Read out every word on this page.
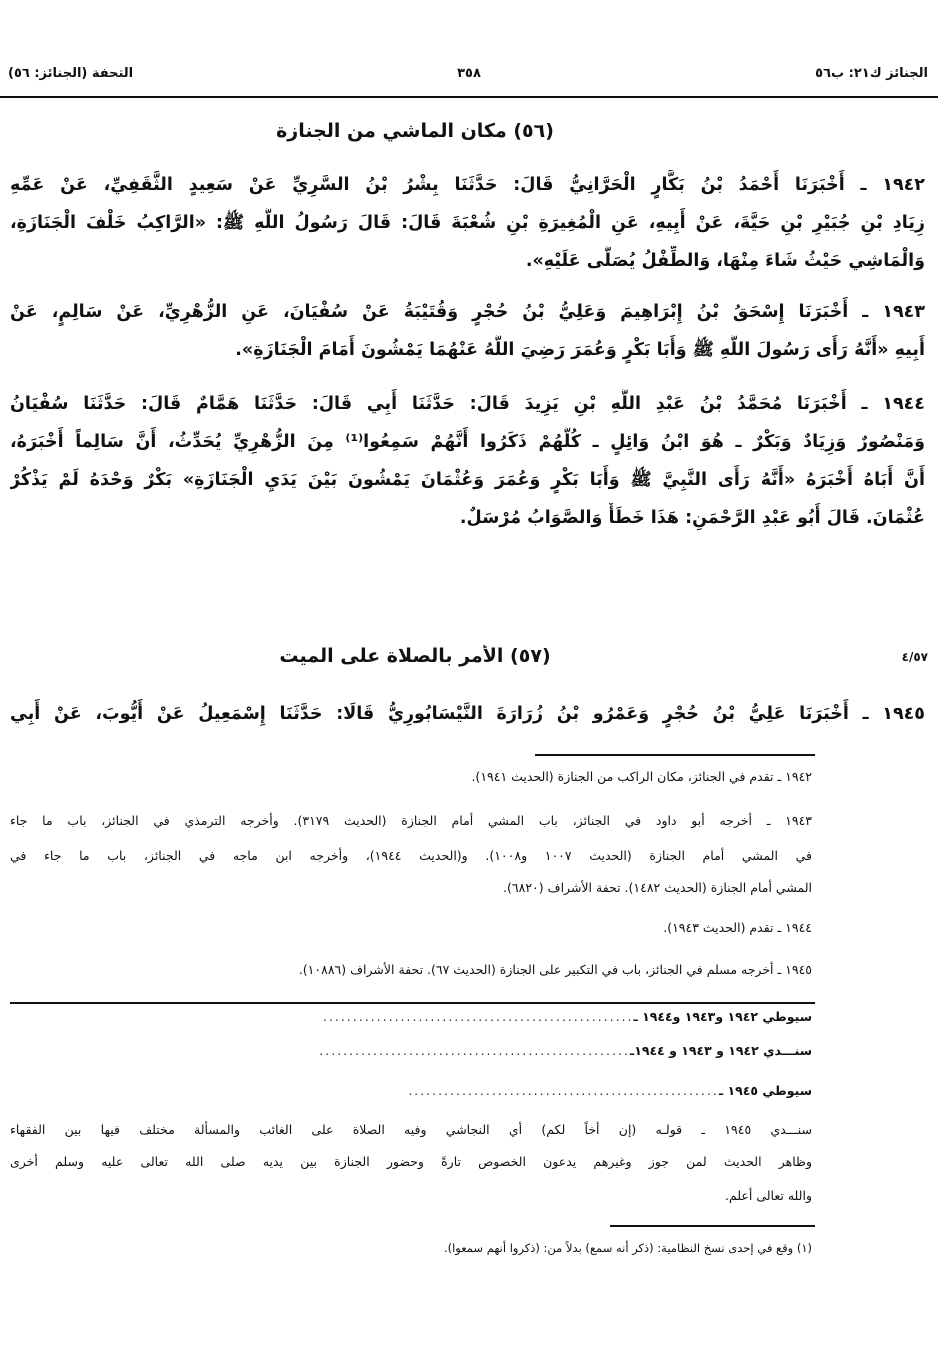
الجنائز ك٢١: ب٥٦
٣٥٨
التحفة (الجنائز: ٥٦)
(٥٦) مكان الماشي من الجنازة
١٩٤٢ ـ أَخْبَرَنَا أَحْمَدُ بْنُ بَكَّارٍ الْحَرَّانِيُّ قَالَ: حَدَّثَنَا بِشْرُ بْنُ السَّرِيِّ عَنْ سَعِيدٍ الثَّقَفِيِّ، عَنْ عَمِّهِ
زِيَادِ بْنِ جُبَيْرِ بْنِ حَيَّةَ، عَنْ أَبِيهِ، عَنِ الْمُغِيرَةِ بْنِ شُعْبَةَ قَالَ: قَالَ رَسُولُ اللَّهِ ﷺ: «الرَّاكِبُ خَلْفَ الْجَنَازَةِ،
وَالْمَاشِي حَيْثُ شَاءَ مِنْهَا، وَالطِّفْلُ يُصَلَّى عَلَيْهِ».
١٩٤٣ ـ أَخْبَرَنَا إِسْحَقُ بْنُ إِبْرَاهِيمَ وَعَلِيُّ بْنُ حُجْرٍ وَقُتَيْبَةُ عَنْ سُفْيَانَ، عَنِ الزُّهْرِيِّ، عَنْ سَالِمٍ، عَنْ
أَبِيهِ «أَنَّهُ رَأَى رَسُولَ اللَّهِ ﷺ وَأَبَا بَكْرٍ وَعُمَرَ رَضِيَ اللَّهُ عَنْهُمَا يَمْشُونَ أَمَامَ الْجَنَازَةِ».
١٩٤٤ ـ أَخْبَرَنَا مُحَمَّدُ بْنُ عَبْدِ اللَّهِ بْنِ يَزِيدَ قَالَ: حَدَّثَنَا أَبِي قَالَ: حَدَّثَنَا هَمَّامٌ قَالَ: حَدَّثَنَا سُفْيَانُ
وَمَنْصُورٌ وَزِيَادٌ وَبَكْرٌ ـ هُوَ ابْنُ وَائِلٍ ـ كُلُّهُمْ ذَكَرُوا أَنَّهُمْ سَمِعُوا⁽¹⁾ مِنَ الزُّهْرِيِّ يُحَدِّثُ، أَنَّ سَالِماً أَخْبَرَهُ،
أَنَّ أَبَاهُ أَخْبَرَهُ «أَنَّهُ رَأَى النَّبِيَّ ﷺ وَأَبَا بَكْرٍ وَعُمَرَ وَعُثْمَانَ يَمْشُونَ بَيْنَ يَدَيِ الْجَنَازَةِ» بَكْرٌ وَحْدَهُ لَمْ يَذْكُرْ
عُثْمَانَ. قَالَ أَبُو عَبْدِ الرَّحْمَنِ: هَذَا خَطَأٌ وَالصَّوَابُ مُرْسَلٌ.
٤/٥٧
(٥٧) الأمر بالصلاة على الميت
١٩٤٥ ـ أَخْبَرَنَا عَلِيُّ بْنُ حُجْرٍ وَعَمْرُو بْنُ زُرَارَةَ النَّيْسَابُورِيُّ قَالَا: حَدَّثَنَا إِسْمَعِيلُ عَنْ أَيُّوبَ، عَنْ أَبِي
١٩٤٢ ـ تقدم في الجنائز، مكان الراكب من الجنازة (الحديث ١٩٤١).
١٩٤٣ ـ أخرجه أبو داود في الجنائز، باب المشي أمام الجنازة (الحديث ٣١٧٩). وأخرجه الترمذي في الجنائز، باب ما جاء
في المشي أمام الجنازة (الحديث ١٠٠٧ و١٠٠٨). و(الحديث ١٩٤٤)، وأخرجه ابن ماجه في الجنائز، باب ما جاء في
المشي أمام الجنازة (الحديث ١٤٨٢). تحفة الأشراف (٦٨٢٠).
١٩٤٤ ـ تقدم (الحديث ١٩٤٣).
١٩٤٥ ـ أخرجه مسلم في الجنائز، باب في التكبير على الجنازة (الحديث ٦٧). تحفة الأشراف (١٠٨٨٦).
سيوطي ١٩٤٢ و١٩٤٣ و١٩٤٤ ـ
....................................................
سنـــدي ١٩٤٢ و ١٩٤٣ و ١٩٤٤ـ
....................................................
سيوطي ١٩٤٥ ـ
....................................................
سنـــدي ١٩٤٥ ـ قولـه (إن أخاً لكم) أي النجاشي وفيه الصلاة على الغائب والمسألة مختلف فيها بين الفقهاء
وظاهر الحديث لمن جوز وغيرهم يدعون الخصوص تارةً وحضور الجنازة بين يديه صلى الله تعالى عليه وسلم أخرى
والله تعالى أعلم.
(١) وقع في إحدى نسخ النظامية: (ذكر أنه سمع) بدلاً من: (ذكروا أنهم سمعوا).
